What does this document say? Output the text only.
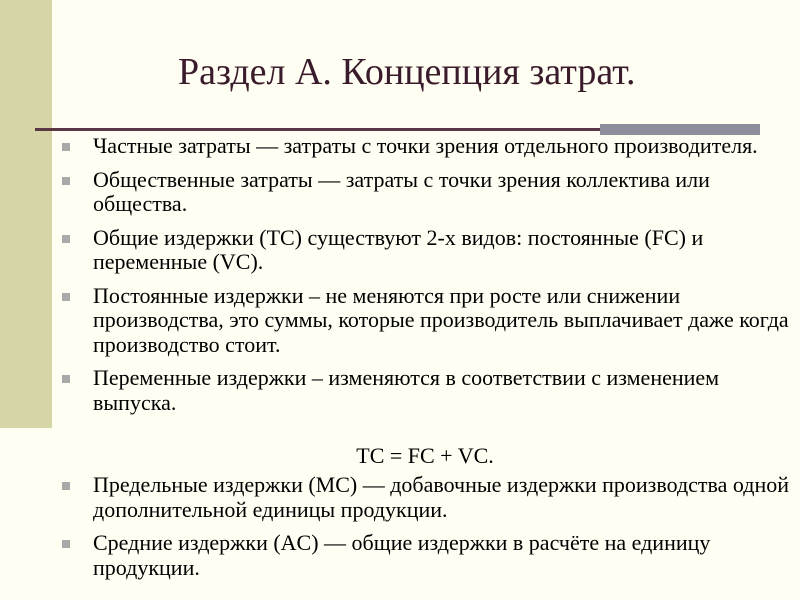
Раздел А. Концепция затрат.
Частные затраты — затраты с точки зрения отдельного производителя.
Общественные затраты — затраты с точки зрения коллектива или общества.
Общие издержки (TC) существуют 2-х видов: постоянные (FC) и переменные (VC).
Постоянные издержки – не меняются при росте или снижении производства, это суммы, которые производитель выплачивает даже когда производство стоит.
Переменные издержки – изменяются в соответствии с изменением выпуска.
TC = FC + VC.
Предельные издержки (MC) — добавочные издержки производства одной дополнительной единицы продукции.
Средние издержки (AC) — общие издержки в расчёте на единицу продукции.
